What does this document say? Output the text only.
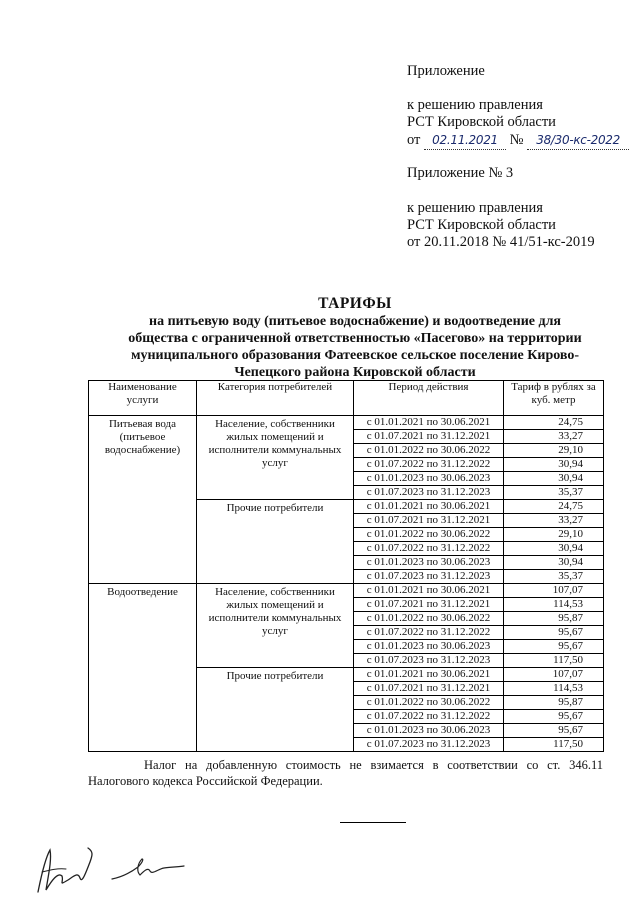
Приложение
к решению правления
РСТ Кировской области
от 02.11.2021 № 38/30-кс-2022
Приложение № 3
к решению правления
РСТ Кировской области
от 20.11.2018 № 41/51-кс-2019
ТАРИФЫ
на питьевую воду (питьевое водоснабжение) и водоотведение для
общества с ограниченной ответственностью «Пасегово» на территории
муниципального образования Фатеевское сельское поселение Кирово-
Чепецкого района Кировской области
Наименование услуги	Категория потребителей	Период действия	Тариф в рублях за куб. метр
Питьевая вода (питьевое водоснабжение)	Население, собственники жилых помещений и исполнители коммунальных услуг	с 01.01.2021 по 30.06.2021	24,75
		с 01.07.2021 по 31.12.2021	33,27
		с 01.01.2022 по 30.06.2022	29,10
		с 01.07.2022 по 31.12.2022	30,94
		с 01.01.2023 по 30.06.2023	30,94
		с 01.07.2023 по 31.12.2023	35,37
	Прочие потребители	с 01.01.2021 по 30.06.2021	24,75
		с 01.07.2021 по 31.12.2021	33,27
		с 01.01.2022 по 30.06.2022	29,10
		с 01.07.2022 по 31.12.2022	30,94
		с 01.01.2023 по 30.06.2023	30,94
		с 01.07.2023 по 31.12.2023	35,37
Водоотведение	Население, собственники жилых помещений и исполнители коммунальных услуг	с 01.01.2021 по 30.06.2021	107,07
		с 01.07.2021 по 31.12.2021	114,53
		с 01.01.2022 по 30.06.2022	95,87
		с 01.07.2022 по 31.12.2022	95,67
		с 01.01.2023 по 30.06.2023	95,67
		с 01.07.2023 по 31.12.2023	117,50
	Прочие потребители	с 01.01.2021 по 30.06.2021	107,07
		с 01.07.2021 по 31.12.2021	114,53
		с 01.01.2022 по 30.06.2022	95,87
		с 01.07.2022 по 31.12.2022	95,67
		с 01.01.2023 по 30.06.2023	95,67
		с 01.07.2023 по 31.12.2023	117,50
Налог на добавленную стоимость не взимается в соответствии со ст. 346.11 Налогового кодекса Российской Федерации.
